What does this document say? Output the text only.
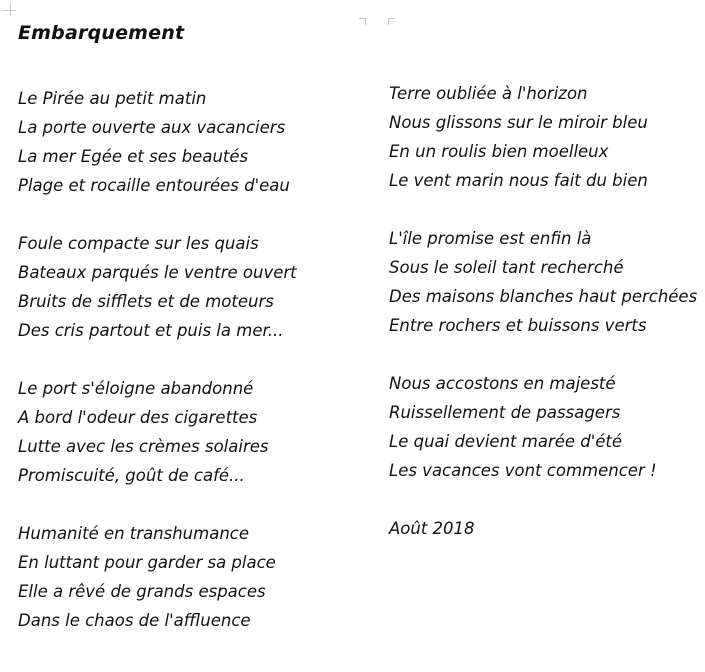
Embarquement
Le Pirée au petit matin
La porte ouverte aux vacanciers
La mer Egée et ses beautés
Plage et rocaille entourées d'eau
Foule compacte sur les quais
Bateaux parqués le ventre ouvert
Bruits de sifflets et de moteurs
Des cris partout et puis la mer...
Le port s'éloigne abandonné
A bord l'odeur des cigarettes
Lutte avec les crèmes solaires
Promiscuité, goût de café...
Humanité en transhumance
En luttant pour garder sa place
Elle a rêvé de grands espaces
Dans le chaos de l'affluence
Terre oubliée à l'horizon
Nous glissons sur le miroir bleu
En un roulis bien moelleux
Le vent marin nous fait du bien
L'île promise est enfin là
Sous le soleil tant recherché
Des maisons blanches haut perchées
Entre rochers et buissons verts
Nous accostons en majesté
Ruissellement de passagers
Le quai devient marée d'été
Les vacances vont commencer !
Août 2018
